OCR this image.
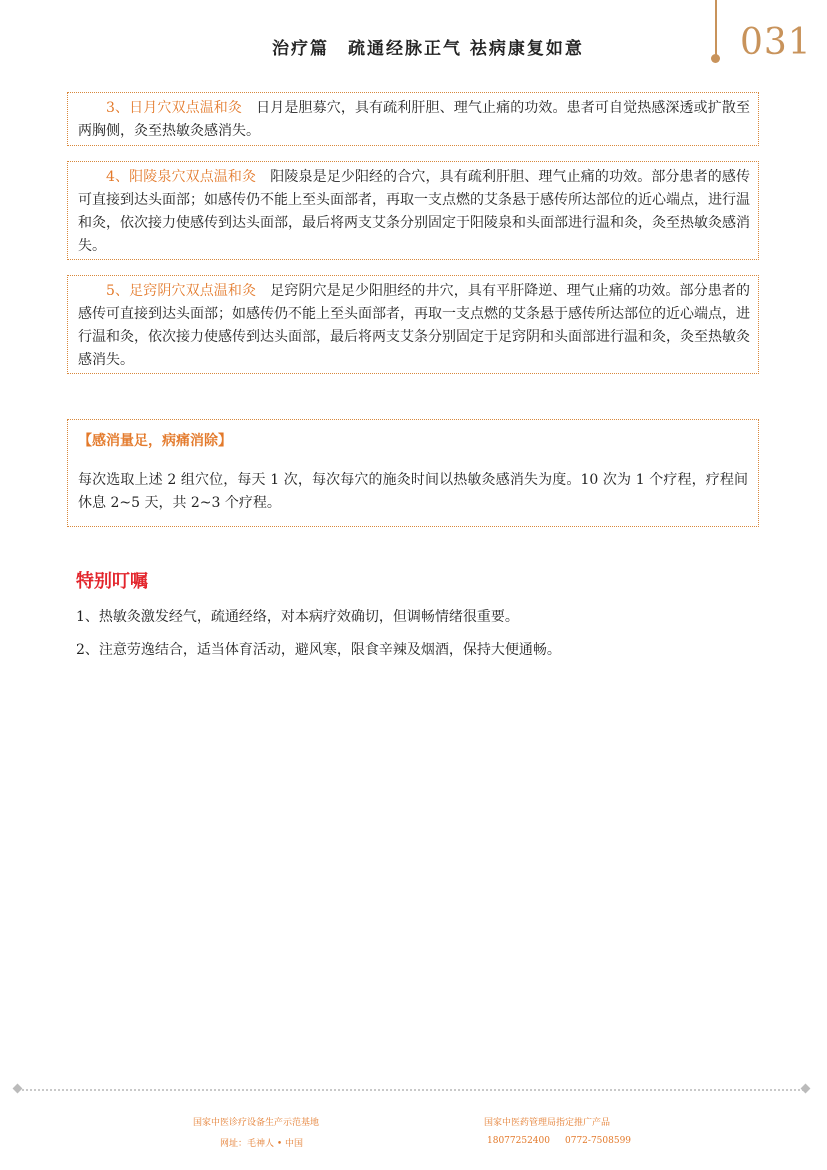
治疗篇　疏通经脉正气 祛病康复如意	031

3、日月穴双点温和灸　日月是胆募穴，具有疏利肝胆、理气止痛的功效。患者可自觉热感深透或扩散至两胸侧，灸至热敏灸感消失。

4、阳陵泉穴双点温和灸　阳陵泉是足少阳经的合穴，具有疏利肝胆、理气止痛的功效。部分患者的感传可直接到达头面部；如感传仍不能上至头面部者，再取一支点燃的艾条悬于感传所达部位的近心端点，进行温和灸，依次接力使感传到达头面部，最后将两支艾条分别固定于阳陵泉和头面部进行温和灸，灸至热敏灸感消失。

5、足窍阴穴双点温和灸　足窍阴穴是足少阳胆经的井穴，具有平肝降逆、理气止痛的功效。部分患者的感传可直接到达头面部；如感传仍不能上至头面部者，再取一支点燃的艾条悬于感传所达部位的近心端点，进行温和灸，依次接力使感传到达头面部，最后将两支艾条分别固定于足窍阴和头面部进行温和灸，灸至热敏灸感消失。

【感消量足，病痛消除】

每次选取上述 2 组穴位，每天 1 次，每次每穴的施灸时间以热敏灸感消失为度。10 次为 1 个疗程，疗程间休息 2~5 天，共 2~3 个疗程。

特别叮嘱
1、热敏灸激发经气，疏通经络，对本病疗效确切，但调畅情绪很重要。
2、注意劳逸结合，适当体育活动，避风寒，限食辛辣及烟酒，保持大便通畅。
国家中医诊疗设备生产示范基地
网址：毛神人 • 中国
国家中医药管理局指定推广产品
18077252400 0772-7508599
